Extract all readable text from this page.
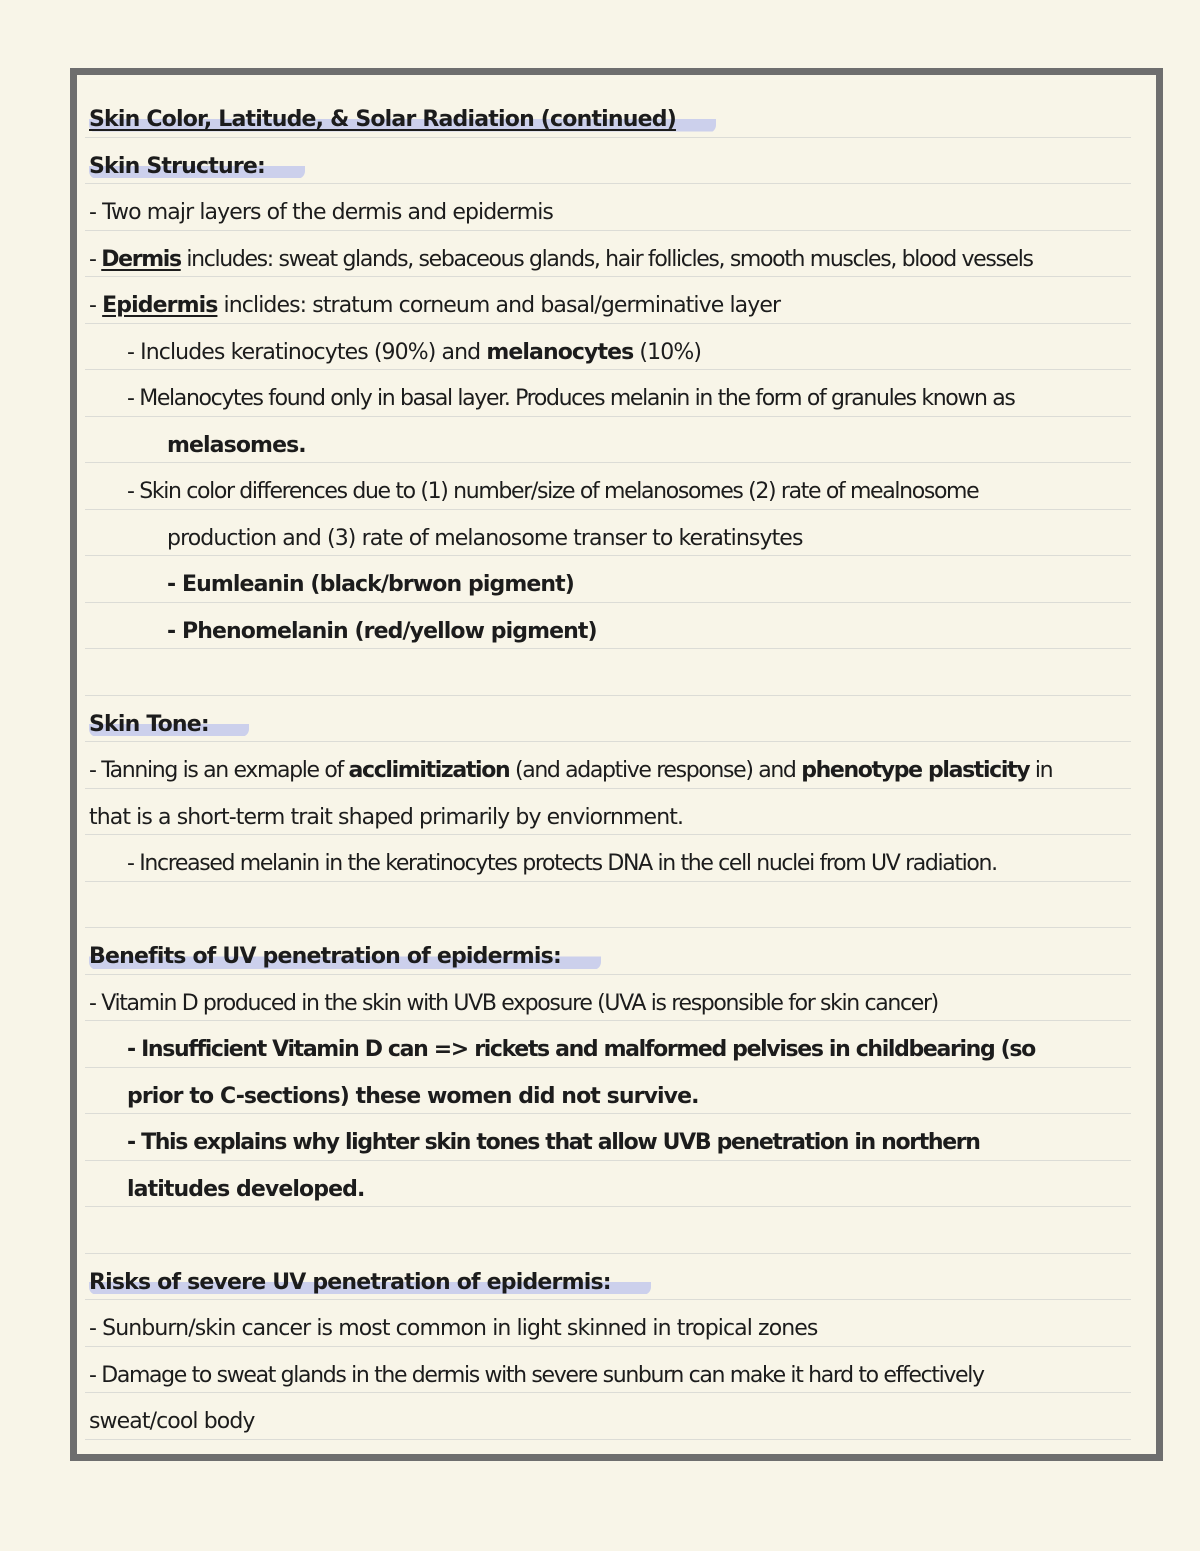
Skin Color, Latitude, & Solar Radiation (continued)
Skin Structure:
- Two majr layers of the dermis and epidermis
- Dermis includes: sweat glands, sebaceous glands, hair follicles, smooth muscles, blood vessels
- Epidermis inclides: stratum corneum and basal/germinative layer
- Includes keratinocytes (90%) and melanocytes (10%)
- Melanocytes found only in basal layer. Produces melanin in the form of granules known as
melasomes.
- Skin color differences due to (1) number/size of melanosomes (2) rate of mealnosome
production and (3) rate of melanosome transer to keratinsytes
- Eumleanin (black/brwon pigment)
- Phenomelanin (red/yellow pigment)
Skin Tone:
- Tanning is an exmaple of acclimitization (and adaptive response) and phenotype plasticity in
that is a short-term trait shaped primarily by enviornment.
- Increased melanin in the keratinocytes protects DNA in the cell nuclei from UV radiation.
Benefits of UV penetration of epidermis:
- Vitamin D produced in the skin with UVB exposure (UVA is responsible for skin cancer)
- Insufficient Vitamin D can => rickets and malformed pelvises in childbearing (so
prior to C-sections) these women did not survive.
- This explains why lighter skin tones that allow UVB penetration in northern
latitudes developed.
Risks of severe UV penetration of epidermis:
- Sunburn/skin cancer is most common in light skinned in tropical zones
- Damage to sweat glands in the dermis with severe sunburn can make it hard to effectively
sweat/cool body
